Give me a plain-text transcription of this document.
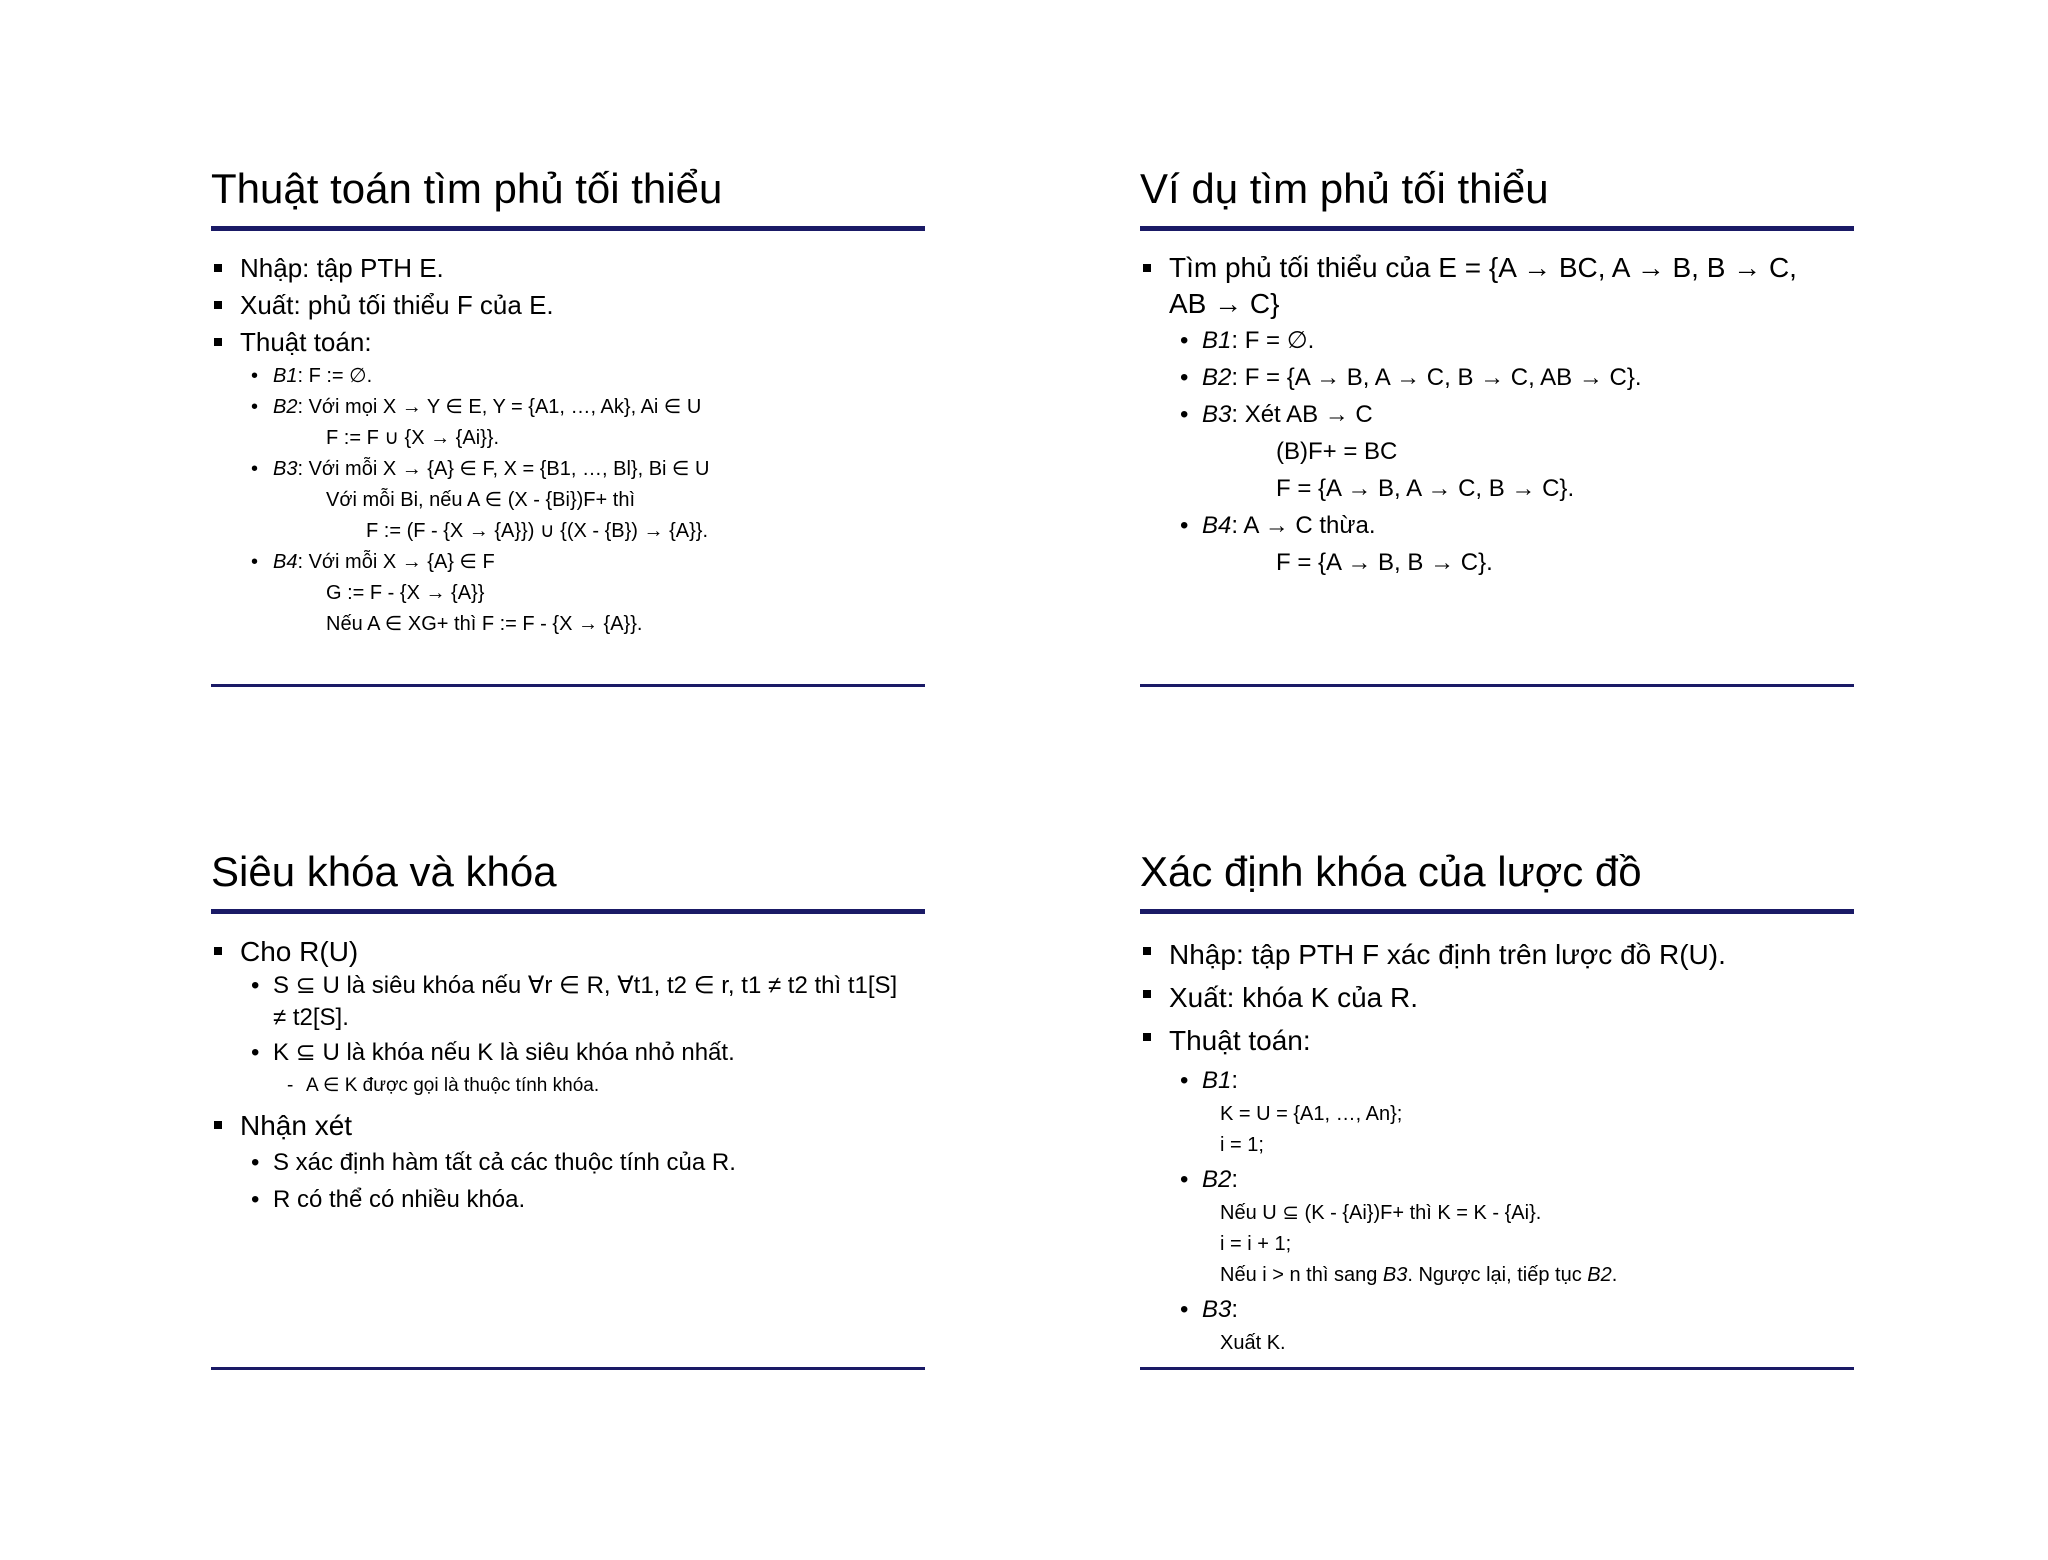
Thuật toán tìm phủ tối thiểu
Nhập: tập PTH E.
Xuất: phủ tối thiểu F của E.
Thuật toán:
• B1: F := ∅.
• B2: Với mọi X → Y ∈ E, Y = {A1, …, Ak}, Ai ∈ U
F := F ∪ {X → {Ai}}.
• B3: Với mỗi X → {A} ∈ F, X = {B1, …, Bl}, Bi ∈ U
Với mỗi Bi, nếu A ∈ (X - {Bi})F+ thì
F := (F - {X → {A}}) ∪ {(X - {B}) → {A}}.
• B4: Với mỗi X → {A} ∈ F
G := F - {X → {A}}
Nếu A ∈ XG+ thì F := F - {X → {A}}.
Ví dụ tìm phủ tối thiểu
Tìm phủ tối thiểu của E = {A → BC, A → B, B → C,
AB → C}
• B1: F = ∅.
• B2: F = {A → B, A → C, B → C, AB → C}.
• B3: Xét AB → C
(B)F+ = BC
F = {A → B, A → C, B → C}.
• B4: A → C thừa.
F = {A → B, B → C}.
Siêu khóa và khóa
Cho R(U)
• S ⊆ U là siêu khóa nếu ∀r ∈ R, ∀t1, t2 ∈ r, t1 ≠ t2 thì t1[S]
≠ t2[S].
• K ⊆ U là khóa nếu K là siêu khóa nhỏ nhất.
- A ∈ K được gọi là thuộc tính khóa.
Nhận xét
• S xác định hàm tất cả các thuộc tính của R.
• R có thể có nhiều khóa.
Xác định khóa của lược đồ
Nhập: tập PTH F xác định trên lược đồ R(U).
Xuất: khóa K của R.
Thuật toán:
• B1:
K = U = {A1, …, An};
i = 1;
• B2:
Nếu U ⊆ (K - {Ai})F+ thì K = K - {Ai}.
i = i + 1;
Nếu i > n thì sang B3. Ngược lại, tiếp tục B2.
• B3:
Xuất K.
